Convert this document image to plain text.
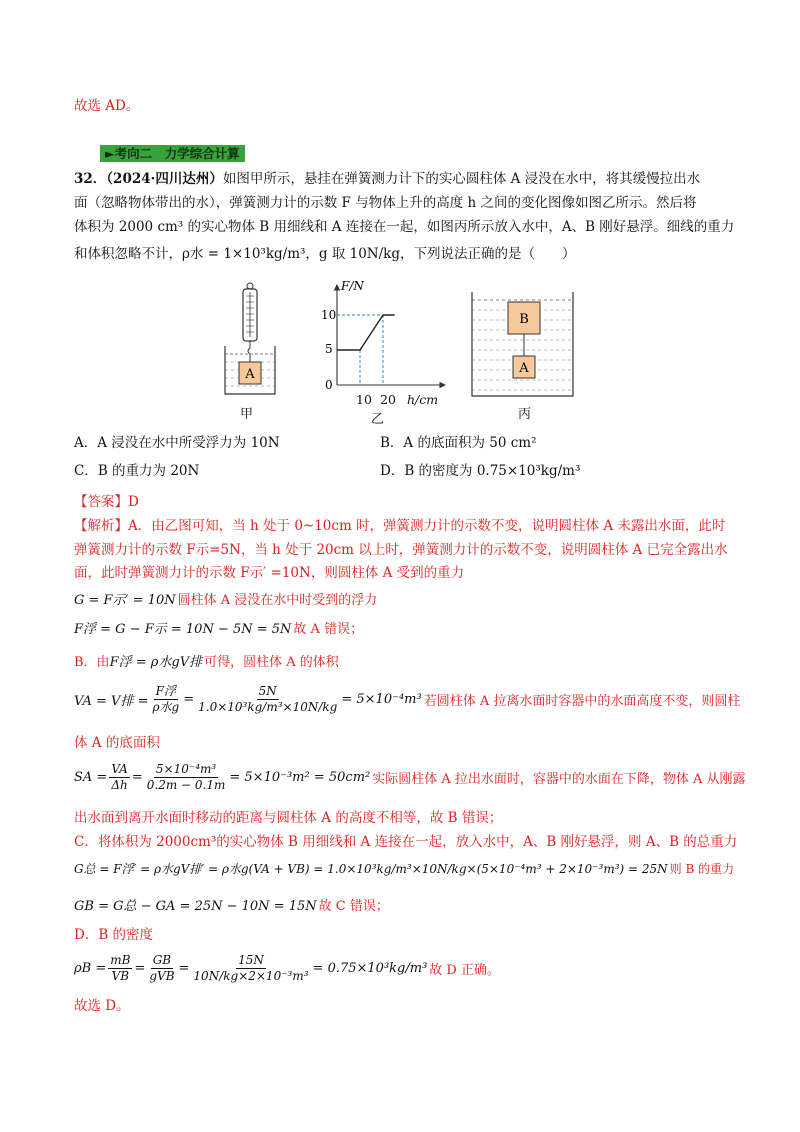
故选 AD。
►考向二　力学综合计算
32．（2024·四川达州）如图甲所示，悬挂在弹簧测力计下的实心圆柱体 A 浸没在水中，将其缓慢拉出水
面（忽略物体带出的水），弹簧测力计的示数 F 与物体上升的高度 h 之间的变化图像如图乙所示。然后将
体积为 2000 cm³ 的实心物体 B 用细线和 A 连接在一起，如图丙所示放入水中，A、B 刚好悬浮。细线的重力
和体积忽略不计，ρ水 = 1×10³kg/m³，g 取 10N/kg，下列说法正确的是（　　）
A
甲
F/N
10
5
0
10 20 h/cm
乙
B
A
丙
A．A 浸没在水中所受浮力为 10N	B．A 的底面积为 50 cm²
C．B 的重力为 20N	D．B 的密度为 0.75×10³kg/m³
【答案】D
【解析】A．由乙图可知，当 h 处于 0~10cm 时，弹簧测力计的示数不变，说明圆柱体 A 未露出水面，此时
弹簧测力计的示数 F示=5N，当 h 处于 20cm 以上时，弹簧测力计的示数不变，说明圆柱体 A 已完全露出水
面，此时弹簧测力计的示数 F示′ =10N，则圆柱体 A 受到的重力
G = F示′ = 10N 圆柱体 A 浸没在水中时受到的浮力
F浮 = G − F示 = 10N − 5N = 5N 故 A 错误；
B．由 F浮 = ρ水gV排 可得，圆柱体 A 的体积
VA = V排 = $\frac{\text{F浮}}{\text{ρ水g}} = \frac{5N}{\text{1.0×10³kg/m³×10N/kg}} = 5\times 10^{-4}m^3$ 若圆柱体 A 拉离水面时容器中的水面高度不变，则圆柱
体 A 的底面积
SA = $\frac{VA}{\Delta h} = \frac{\text{5×10⁻⁴m³}}{0.2m - 0.1m} = 5\times 10^{-3}m^2 = 50cm^2$ 实际圆柱体 A 拉出水面时，容器中的水面在下降，物体 A 从刚露
出水面到离开水面时移动的距离与圆柱体 A 的高度不相等，故 B 错误；
C．将体积为 2000cm³的实心物体 B 用细线和 A 连接在一起，放入水中，A、B 刚好悬浮，则 A、B 的总重力
G总 = F浮′ = ρ水gV排′ = ρ水g(VA + VB) = 1.0×10³kg/m³×10N/kg×(5×10⁻⁴m³ + 2×10⁻³m³) = 25N 则 B 的重力
GB = G总 − GA = 25N − 10N = 15N 故 C 错误；
D．B 的密度
$\rho B = \frac{mB}{VB} = \frac{GB}{\text{gVB}} = \frac{15N}{\text{10N/kg×2×10⁻³m³}} = 0.75\times 10^3kg/m^3$ 故 D 正确。
故选 D。
